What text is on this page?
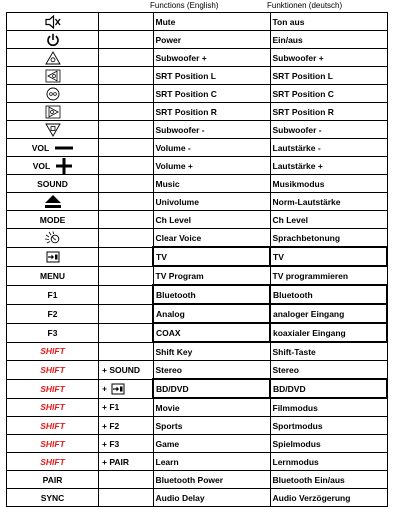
Functions (English)	Funktionen (deutsch)
		Mute	Ton aus

		Power	Ein/aus

		Subwoofer +	Subwoofer +

		SRT Position L	SRT Position L

		SRT Position C	SRT Position C

		SRT Position R	SRT Position R

		Subwoofer -	Subwoofer -

VOL		Volume -	Lautstärke -

VOL		Volume +	Lautstärke +

SOUND		Music	Musikmodus

		Univolume	Norm-Lautstärke

MODE		Ch Level	Ch Level

		Clear Voice	Sprachbetonung

		TV	TV

MENU		TV Program	TV programmieren

F1		Bluetooth	Bluetooth

F2		Analog	analoger Eingang

F3		COAX	koaxialer Eingang

SHIFT		Shift Key	Shift-Taste

SHIFT	+ SOUND	Stereo	Stereo

SHIFT	+	BD/DVD	BD/DVD

SHIFT	+ F1	Movie	Filmmodus

SHIFT	+ F2	Sports	Sportmodus

SHIFT	+ F3	Game	Spielmodus

SHIFT	+ PAIR	Learn	Lernmodus

PAIR		Bluetooth Power	Bluetooth Ein/aus

SYNC		Audio Delay	Audio Verzögerung
